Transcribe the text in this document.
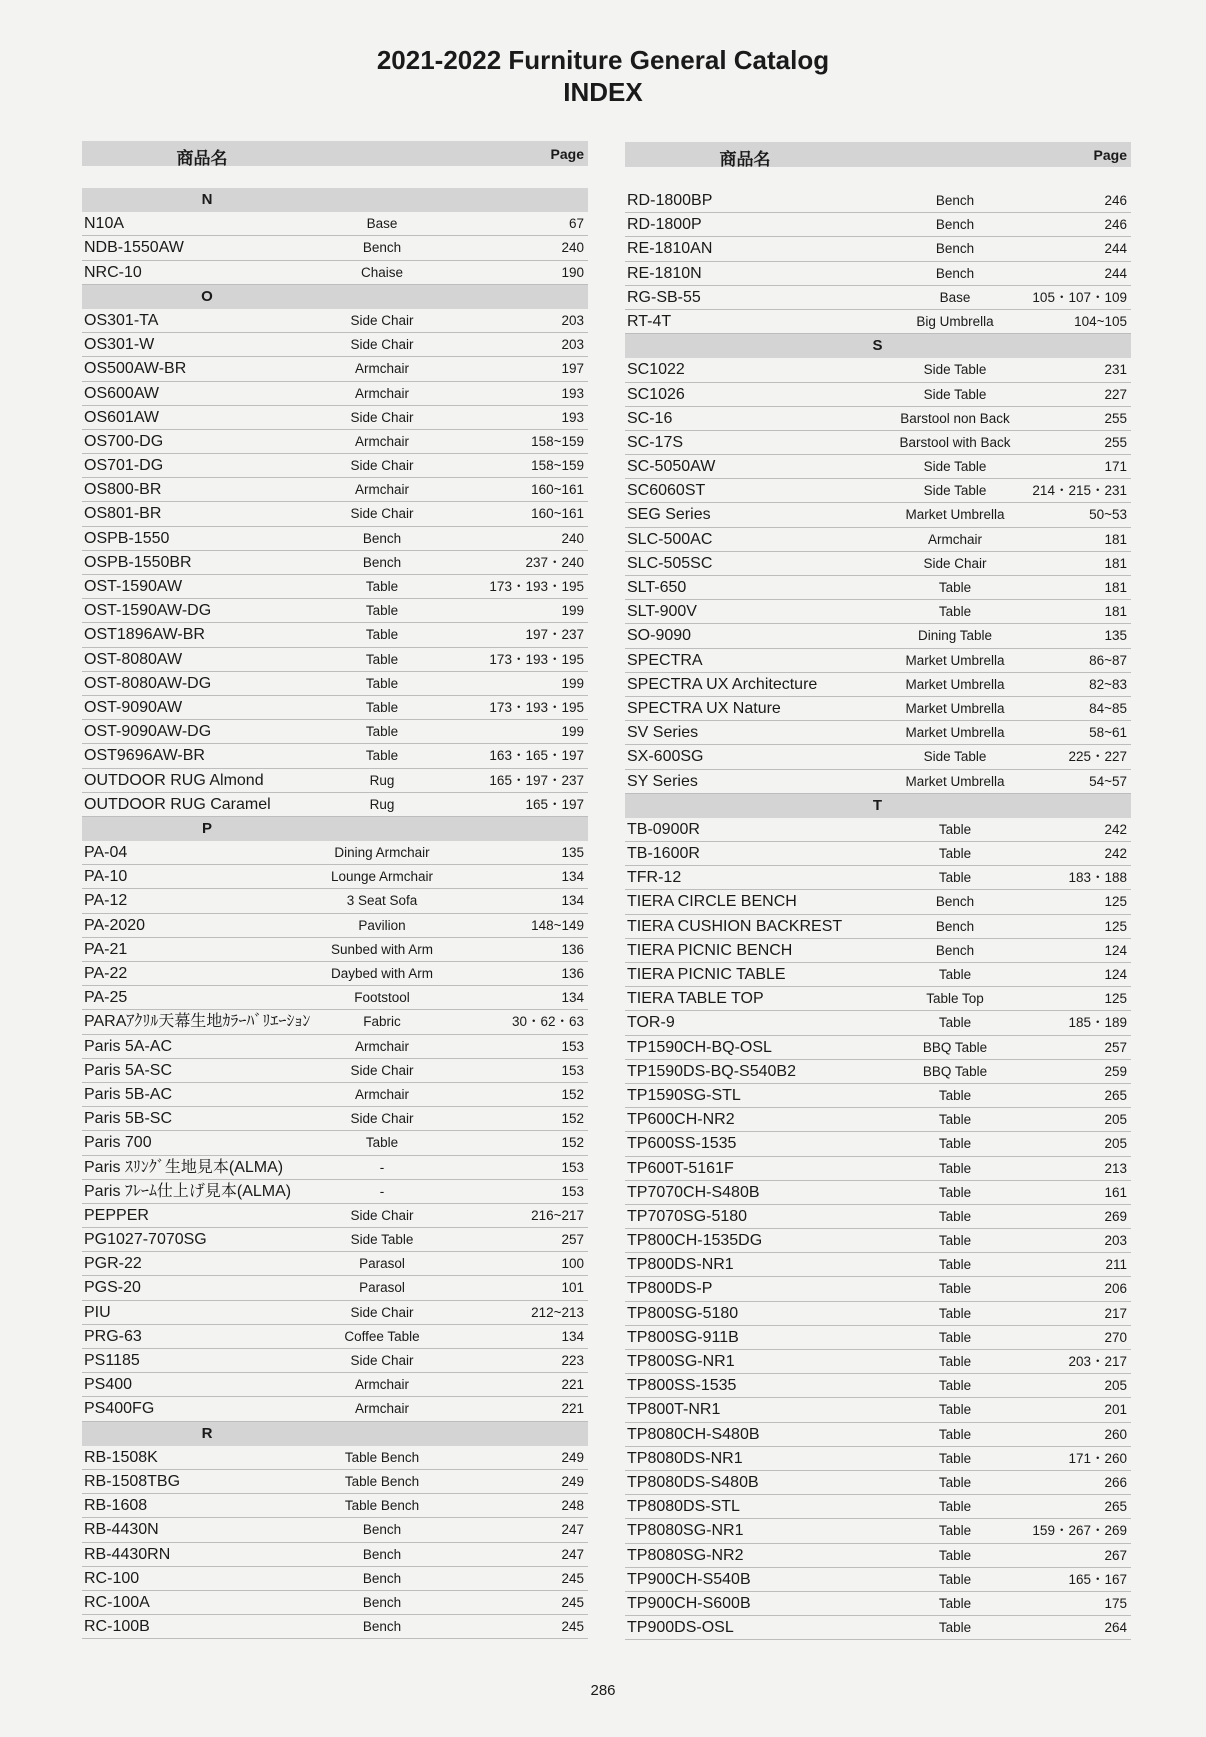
2021-2022 Furniture General Catalog
INDEX
商品名	Page
N
N10A	Base	67
NDB-1550AW	Bench	240
NRC-10	Chaise	190
O
OS301-TA	Side Chair	203
OS301-W	Side Chair	203
OS500AW-BR	Armchair	197
OS600AW	Armchair	193
OS601AW	Side Chair	193
OS700-DG	Armchair	158~159
OS701-DG	Side Chair	158~159
OS800-BR	Armchair	160~161
OS801-BR	Side Chair	160~161
OSPB-1550	Bench	240
OSPB-1550BR	Bench	237・240
OST-1590AW	Table	173・193・195
OST-1590AW-DG	Table	199
OST1896AW-BR	Table	197・237
OST-8080AW	Table	173・193・195
OST-8080AW-DG	Table	199
OST-9090AW	Table	173・193・195
OST-9090AW-DG	Table	199
OST9696AW-BR	Table	163・165・197
OUTDOOR RUG Almond	Rug	165・197・237
OUTDOOR RUG Caramel	Rug	165・197
P
PA-04	Dining Armchair	135
PA-10	Lounge Armchair	134
PA-12	3 Seat Sofa	134
PA-2020	Pavilion	148~149
PA-21	Sunbed with Arm	136
PA-22	Daybed with Arm	136
PA-25	Footstool	134
PARAｱｸﾘﾙ天幕生地ｶﾗｰﾊﾞﾘｴｰｼｮﾝ	Fabric	30・62・63
Paris 5A-AC	Armchair	153
Paris 5A-SC	Side Chair	153
Paris 5B-AC	Armchair	152
Paris 5B-SC	Side Chair	152
Paris 700	Table	152
Paris ｽﾘﾝｸﾞ生地見本(ALMA)	-	153
Paris ﾌﾚｰﾑ仕上げ見本(ALMA)	-	153
PEPPER	Side Chair	216~217
PG1027-7070SG	Side Table	257
PGR-22	Parasol	100
PGS-20	Parasol	101
PIU	Side Chair	212~213
PRG-63	Coffee Table	134
PS1185	Side Chair	223
PS400	Armchair	221
PS400FG	Armchair	221
R
RB-1508K	Table Bench	249
RB-1508TBG	Table Bench	249
RB-1608	Table Bench	248
RB-4430N	Bench	247
RB-4430RN	Bench	247
RC-100	Bench	245
RC-100A	Bench	245
RC-100B	Bench	245
商品名	Page
RD-1800BP	Bench	246
RD-1800P	Bench	246
RE-1810AN	Bench	244
RE-1810N	Bench	244
RG-SB-55	Base	105・107・109
RT-4T	Big Umbrella	104~105
S
SC1022	Side Table	231
SC1026	Side Table	227
SC-16	Barstool non Back	255
SC-17S	Barstool with Back	255
SC-5050AW	Side Table	171
SC6060ST	Side Table	214・215・231
SEG Series	Market Umbrella	50~53
SLC-500AC	Armchair	181
SLC-505SC	Side Chair	181
SLT-650	Table	181
SLT-900V	Table	181
SO-9090	Dining Table	135
SPECTRA	Market Umbrella	86~87
SPECTRA UX Architecture	Market Umbrella	82~83
SPECTRA UX Nature	Market Umbrella	84~85
SV Series	Market Umbrella	58~61
SX-600SG	Side Table	225・227
SY Series	Market Umbrella	54~57
T
TB-0900R	Table	242
TB-1600R	Table	242
TFR-12	Table	183・188
TIERA CIRCLE BENCH	Bench	125
TIERA CUSHION BACKREST	Bench	125
TIERA PICNIC BENCH	Bench	124
TIERA PICNIC TABLE	Table	124
TIERA TABLE TOP	Table Top	125
TOR-9	Table	185・189
TP1590CH-BQ-OSL	BBQ Table	257
TP1590DS-BQ-S540B2	BBQ Table	259
TP1590SG-STL	Table	265
TP600CH-NR2	Table	205
TP600SS-1535	Table	205
TP600T-5161F	Table	213
TP7070CH-S480B	Table	161
TP7070SG-5180	Table	269
TP800CH-1535DG	Table	203
TP800DS-NR1	Table	211
TP800DS-P	Table	206
TP800SG-5180	Table	217
TP800SG-911B	Table	270
TP800SG-NR1	Table	203・217
TP800SS-1535	Table	205
TP800T-NR1	Table	201
TP8080CH-S480B	Table	260
TP8080DS-NR1	Table	171・260
TP8080DS-S480B	Table	266
TP8080DS-STL	Table	265
TP8080SG-NR1	Table	159・267・269
TP8080SG-NR2	Table	267
TP900CH-S540B	Table	165・167
TP900CH-S600B	Table	175
TP900DS-OSL	Table	264
286
